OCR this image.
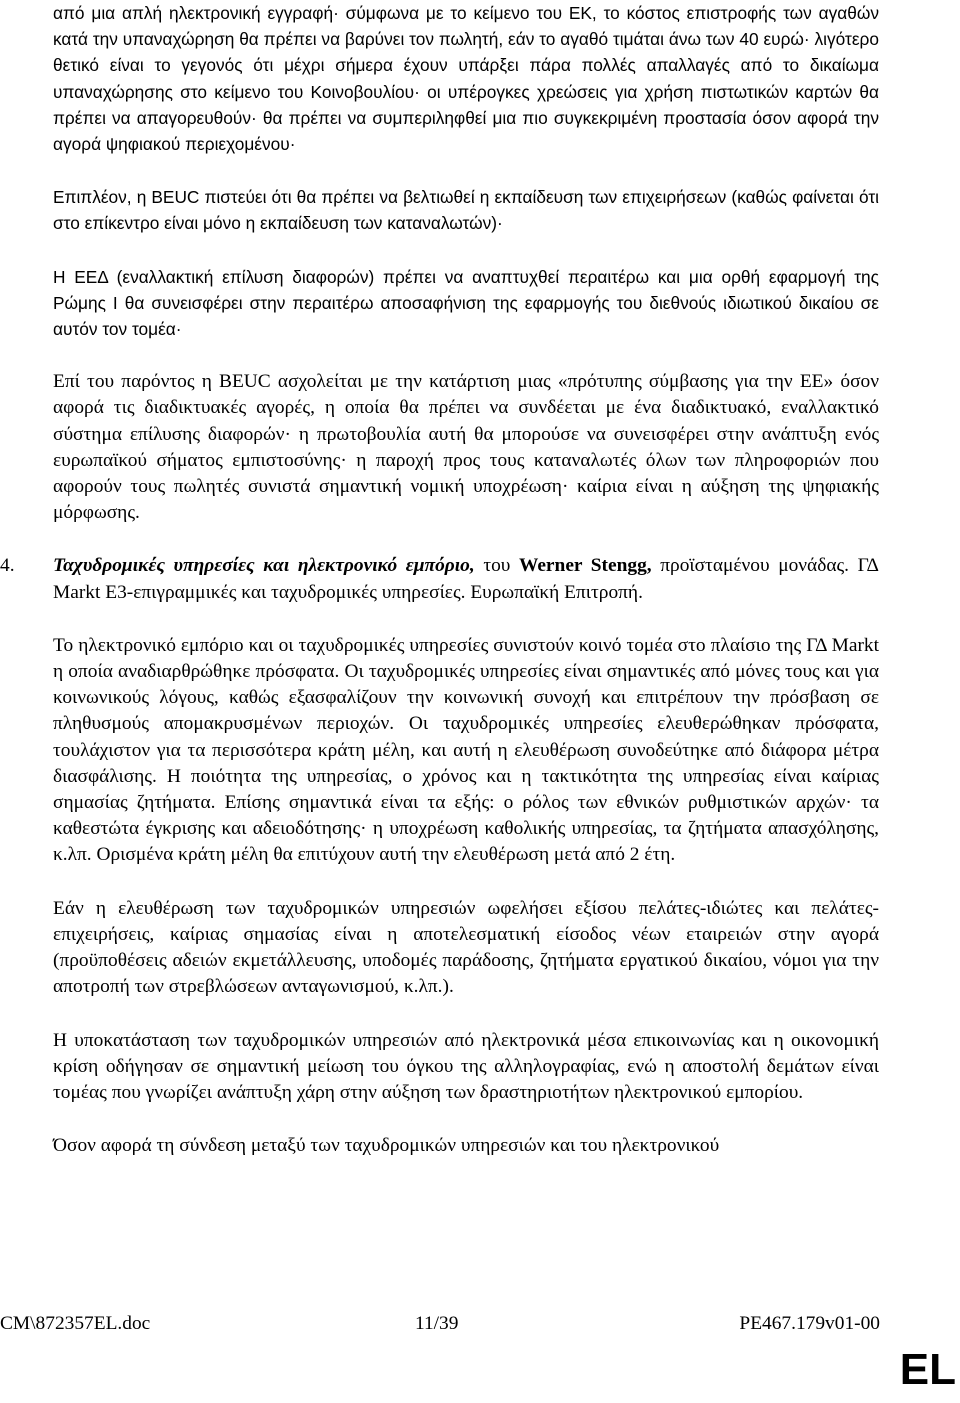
από μια απλή ηλεκτρονική εγγραφή· σύμφωνα με το κείμενο του ΕΚ, το κόστος επιστροφής των αγαθών κατά την υπαναχώρηση θα πρέπει να βαρύνει τον πωλητή, εάν το αγαθό τιμάται άνω των 40 ευρώ· λιγότερο θετικό είναι το γεγονός ότι μέχρι σήμερα έχουν υπάρξει πάρα πολλές απαλλαγές από το δικαίωμα υπαναχώρησης στο κείμενο του Κοινοβουλίου· οι υπέρογκες χρεώσεις για χρήση πιστωτικών καρτών θα πρέπει να απαγορευθούν· θα πρέπει να συμπεριληφθεί μια πιο συγκεκριμένη προστασία όσον αφορά την αγορά ψηφιακού περιεχομένου·

Επιπλέον, η BEUC πιστεύει ότι θα πρέπει να βελτιωθεί η εκπαίδευση των επιχειρήσεων (καθώς φαίνεται ότι στο επίκεντρο είναι μόνο η εκπαίδευση των καταναλωτών)·

Η ΕΕΔ (εναλλακτική επίλυση διαφορών) πρέπει να αναπτυχθεί περαιτέρω και μια ορθή εφαρμογή της Ρώμης Ι θα συνεισφέρει στην περαιτέρω αποσαφήνιση της εφαρμογής του διεθνούς ιδιωτικού δικαίου σε αυτόν τον τομέα·

Επί του παρόντος η BEUC ασχολείται με την κατάρτιση μιας «πρότυπης σύμβασης για την ΕΕ» όσον αφορά τις διαδικτυακές αγορές, η οποία θα πρέπει να συνδέεται με ένα διαδικτυακό, εναλλακτικό σύστημα επίλυσης διαφορών· η πρωτοβουλία αυτή θα μπορούσε να συνεισφέρει στην ανάπτυξη ενός ευρωπαϊκού σήματος εμπιστοσύνης· η παροχή προς τους καταναλωτές όλων των πληροφοριών που αφορούν τους πωλητές συνιστά σημαντική νομική υποχρέωση· καίρια είναι η αύξηση της ψηφιακής μόρφωσης.

4.	Ταχυδρομικές υπηρεσίες και ηλεκτρονικό εμπόριο, του Werner Stengg, προϊσταμένου μονάδας. ΓΔ Markt E3-επιγραμμικές και ταχυδρομικές υπηρεσίες. Ευρωπαϊκή Επιτροπή.

Το ηλεκτρονικό εμπόριο και οι ταχυδρομικές υπηρεσίες συνιστούν κοινό τομέα στο πλαίσιο της ΓΔ Markt η οποία αναδιαρθρώθηκε πρόσφατα. Οι ταχυδρομικές υπηρεσίες είναι σημαντικές από μόνες τους και για κοινωνικούς λόγους, καθώς εξασφαλίζουν την κοινωνική συνοχή και επιτρέπουν την πρόσβαση σε πληθυσμούς απομακρυσμένων περιοχών. Οι ταχυδρομικές υπηρεσίες ελευθερώθηκαν πρόσφατα, τουλάχιστον για τα περισσότερα κράτη μέλη, και αυτή η ελευθέρωση συνοδεύτηκε από διάφορα μέτρα διασφάλισης. Η ποιότητα της υπηρεσίας, ο χρόνος και η τακτικότητα της υπηρεσίας είναι καίριας σημασίας ζητήματα. Επίσης σημαντικά είναι τα εξής: ο ρόλος των εθνικών ρυθμιστικών αρχών· τα καθεστώτα έγκρισης και αδειοδότησης· η υποχρέωση καθολικής υπηρεσίας, τα ζητήματα απασχόλησης, κ.λπ. Ορισμένα κράτη μέλη θα επιτύχουν αυτή την ελευθέρωση μετά από 2 έτη.

Εάν η ελευθέρωση των ταχυδρομικών υπηρεσιών ωφελήσει εξίσου πελάτες-ιδιώτες και πελάτες-επιχειρήσεις, καίριας σημασίας είναι η αποτελεσματική είσοδος νέων εταιρειών στην αγορά (προϋποθέσεις αδειών εκμετάλλευσης, υποδομές παράδοσης, ζητήματα εργατικού δικαίου, νόμοι για την αποτροπή των στρεβλώσεων ανταγωνισμού, κ.λπ.).

Η υποκατάσταση των ταχυδρομικών υπηρεσιών από ηλεκτρονικά μέσα επικοινωνίας και η οικονομική κρίση οδήγησαν σε σημαντική μείωση του όγκου της αλληλογραφίας, ενώ η αποστολή δεμάτων είναι τομέας που γνωρίζει ανάπτυξη χάρη στην αύξηση των δραστηριοτήτων ηλεκτρονικού εμπορίου.

Όσον αφορά τη σύνδεση μεταξύ των ταχυδρομικών υπηρεσιών και του ηλεκτρονικού

CM\872357EL.doc	11/39	PE467.179v01-00
EL
